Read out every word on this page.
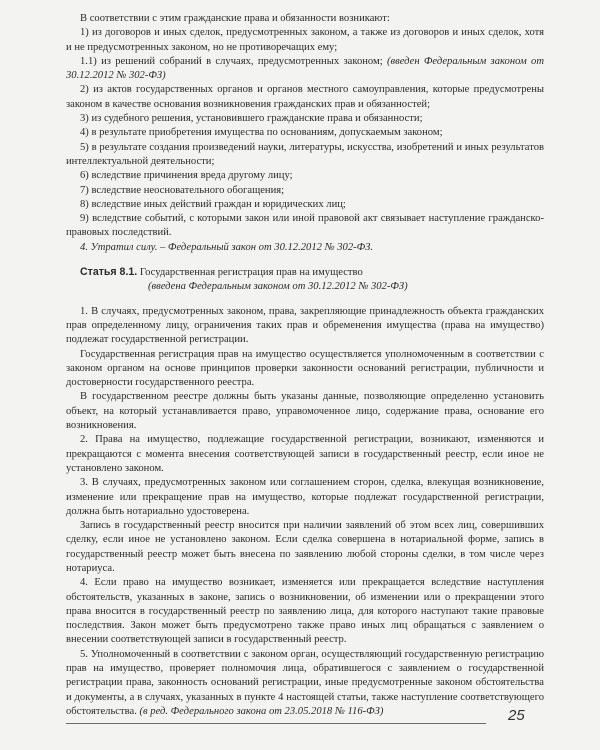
В соответствии с этим гражданские права и обязанности возникают:

1) из договоров и иных сделок, предусмотренных законом, а также из договоров и иных сделок, хотя и не предусмотренных законом, но не противоречащих ему;

1.1) из решений собраний в случаях, предусмотренных законом; (введен Федеральным законом от 30.12.2012 № 302-ФЗ)

2) из актов государственных органов и органов местного самоуправления, которые предусмотрены законом в качестве основания возникновения гражданских прав и обязанностей;

3) из судебного решения, установившего гражданские права и обязанности;

4) в результате приобретения имущества по основаниям, допускаемым законом;

5) в результате создания произведений науки, литературы, искусства, изобретений и иных результатов интеллектуальной деятельности;

6) вследствие причинения вреда другому лицу;

7) вследствие неосновательного обогащения;

8) вследствие иных действий граждан и юридических лиц;

9) вследствие событий, с которыми закон или иной правовой акт связывает наступление гражданско-правовых последствий.

4. Утратил силу. – Федеральный закон от 30.12.2012 № 302-ФЗ.

Статья 8.1. Государственная регистрация прав на имущество
(введена Федеральным законом от 30.12.2012 № 302-ФЗ)

1. В случаях, предусмотренных законом, права, закрепляющие принадлежность объекта гражданских прав определенному лицу, ограничения таких прав и обременения имущества (права на имущество) подлежат государственной регистрации.

Государственная регистрация прав на имущество осуществляется уполномоченным в соответствии с законом органом на основе принципов проверки законности оснований регистрации, публичности и достоверности государственного реестра.

В государственном реестре должны быть указаны данные, позволяющие определенно установить объект, на который устанавливается право, управомоченное лицо, содержание права, основание его возникновения.

2. Права на имущество, подлежащие государственной регистрации, возникают, изменяются и прекращаются с момента внесения соответствующей записи в государственный реестр, если иное не установлено законом.

3. В случаях, предусмотренных законом или соглашением сторон, сделка, влекущая возникновение, изменение или прекращение прав на имущество, которые подлежат государственной регистрации, должна быть нотариально удостоверена.

Запись в государственный реестр вносится при наличии заявлений об этом всех лиц, совершивших сделку, если иное не установлено законом. Если сделка совершена в нотариальной форме, запись в государственный реестр может быть внесена по заявлению любой стороны сделки, в том числе через нотариуса.

4. Если право на имущество возникает, изменяется или прекращается вследствие наступления обстоятельств, указанных в законе, запись о возникновении, об изменении или о прекращении этого права вносится в государственный реестр по заявлению лица, для которого наступают такие правовые последствия. Закон может быть предусмотрено также право иных лиц обращаться с заявлением о внесении соответствующей записи в государственный реестр.

5. Уполномоченный в соответствии с законом орган, осуществляющий государственную регистрацию прав на имущество, проверяет полномочия лица, обратившегося с заявлением о государственной регистрации права, законность оснований регистрации, иные предусмотренные законом обстоятельства и документы, а в случаях, указанных в пункте 4 настоящей статьи, также наступление соответствующего обстоятельства. (в ред. Федерального закона от 23.05.2018 № 116-ФЗ)	25
